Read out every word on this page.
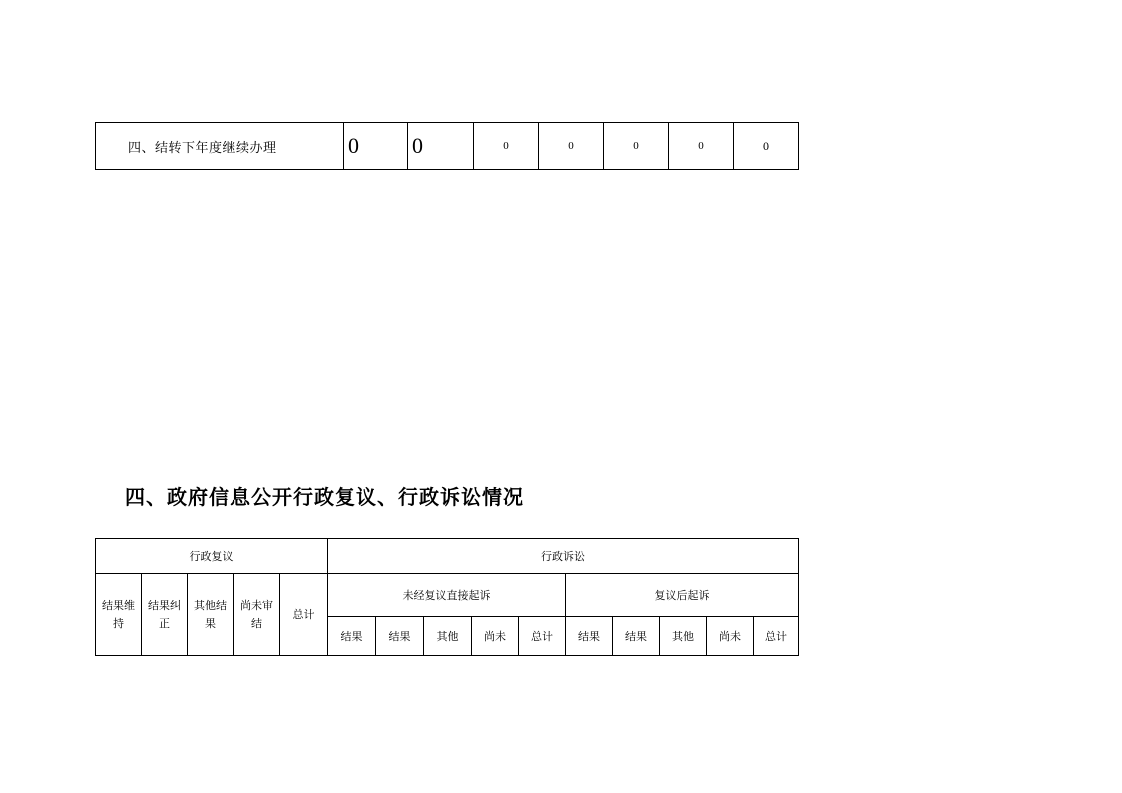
四、结转下年度继续办理	0	0	0	0	0	0	0
四、政府信息公开行政复议、行政诉讼情况
行政复议					行政诉讼									

结果维持	结果纠正	其他结果	尚未审结	总计	未经复议直接起诉					复议后起诉				
					结果	结果	其他	尚未	总计	结果	结果	其他	尚未	总计
